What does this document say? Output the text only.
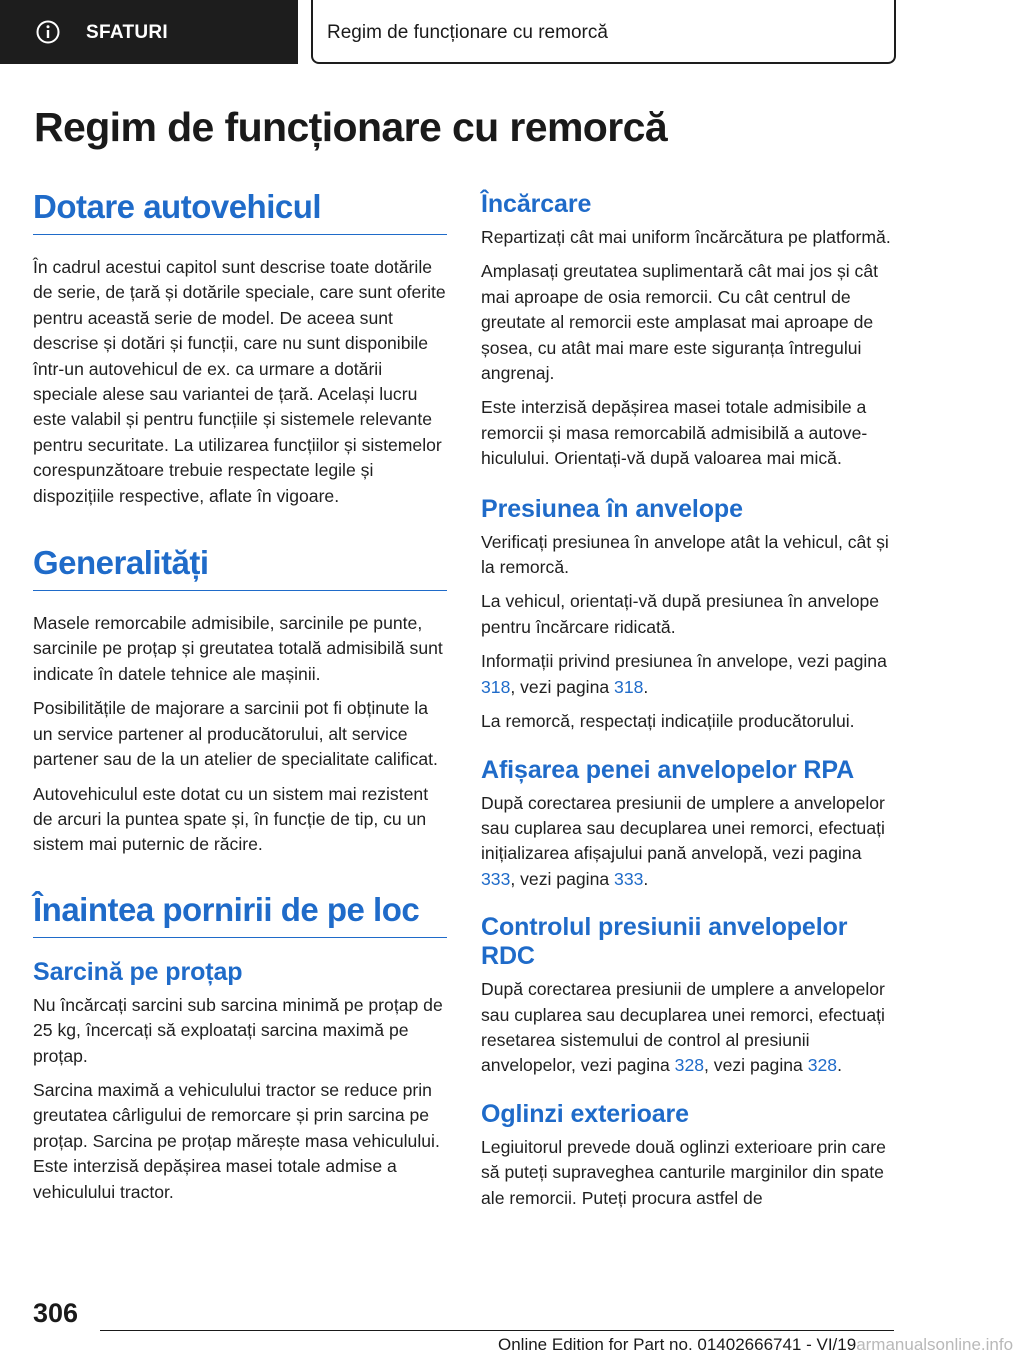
SFATURI	Regim de funcționare cu remorcă
Regim de funcționare cu remorcă
Dotare autovehicul

În cadrul acestui capitol sunt descrise toate dotările de serie, de țară și dotările speciale, care sunt oferite pentru această serie de model. De aceea sunt descrise și dotări și funcții, care nu sunt disponibile într-un autovehicul de ex. ca urmare a dotării speciale alese sau variantei de țară. Același lucru este valabil și pentru funcțiile și sistemele relevante pentru securitate. La utilizarea funcțiilor și sistemelor corespunzătoare trebuie respectate legile și dispozițiile respective, aflate în vigoare.

Generalități

Masele remorcabile admisibile, sarcinile pe punte, sarcinile pe proțap și greutatea totală admisibilă sunt indicate în datele tehnice ale mașinii.

Posibilitățile de majorare a sarcinii pot fi obținute la un service partener al producătorului, alt service partener sau de la un atelier de specialitate calificat.

Autovehiculul este dotat cu un sistem mai rezistent de arcuri la puntea spate și, în funcție de tip, cu un sistem mai puternic de răcire.

Înaintea pornirii de pe loc
Sarcină pe proțap

Nu încărcați sarcini sub sarcina minimă pe proțap de 25 kg, încercați să exploatați sarcina maximă pe proțap.

Sarcina maximă a vehiculului tractor se reduce prin greutatea cârligului de remorcare și prin sarcina pe proțap. Sarcina pe proțap mărește masa vehiculului. Este interzisă depășirea masei totale admise a vehiculului tractor.

Încărcare

Repartizați cât mai uniform încărcătura pe platformă.

Amplasați greutatea suplimentară cât mai jos și cât mai aproape de osia remorcii. Cu cât centrul de greutate al remorcii este amplasat mai aproape de șosea, cu atât mai mare este siguranța întregului angrenaj.

Este interzisă depășirea masei totale admisibile a remorcii și masa remorcabilă admisibilă a autovehiculului. Orientați-vă după valoarea mai mică.

Presiunea în anvelope

Verificați presiunea în anvelope atât la vehicul, cât și la remorcă.

La vehicul, orientați-vă după presiunea în anvelope pentru încărcare ridicată.

Informații privind presiunea în anvelope, vezi pagina 318, vezi pagina 318.

La remorcă, respectați indicațiile producătorului.

Afișarea penei anvelopelor RPA

După corectarea presiunii de umplere a anvelopelor sau cuplarea sau decuplarea unei remorci, efectuați inițializarea afișajului pană anvelopă, vezi pagina 333, vezi pagina 333.

Controlul presiunii anvelopelor RDC

După corectarea presiunii de umplere a anvelopelor sau cuplarea sau decuplarea unei remorci, efectuați resetarea sistemului de control al presiunii anvelopelor, vezi pagina 328, vezi pagina 328.

Oglinzi exterioare

Legiuitorul prevede două oglinzi exterioare prin care să puteți supraveghea canturile marginilor din spate ale remorcii. Puteți procura astfel de

306
Online Edition for Part no. 01402666741 - VI/19armanualsonline.info
